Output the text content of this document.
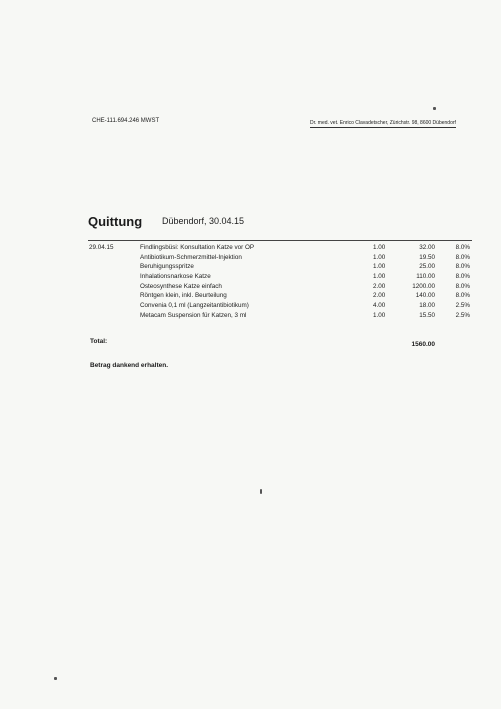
CHE-111.694.246 MWST	Dr. med. vet. Enrico Clavadetscher, Zürichstr. 98, 8600 Dübendorf
Quittung Dübendorf, 30.04.15
29.04.15	Findlingsbüsi: Konsultation Katze vor OP	1.00	32.00	8.0%
Antibiotikum-Schmerzmittel-Injektion	1.00	19.50	8.0%
Beruhigungsspritze	1.00	25.00	8.0%
Inhalationsnarkose Katze	1.00	110.00	8.0%
Osteosynthese Katze einfach	2.00	1200.00	8.0%
Röntgen klein, inkl. Beurteilung	2.00	140.00	8.0%
Convenia 0,1 ml (Langzeitantibiotikum)	4.00	18.00	2.5%
Metacam Suspension für Katzen, 3 ml	1.00	15.50	2.5%
Total:	1560.00
Betrag dankend erhalten.
